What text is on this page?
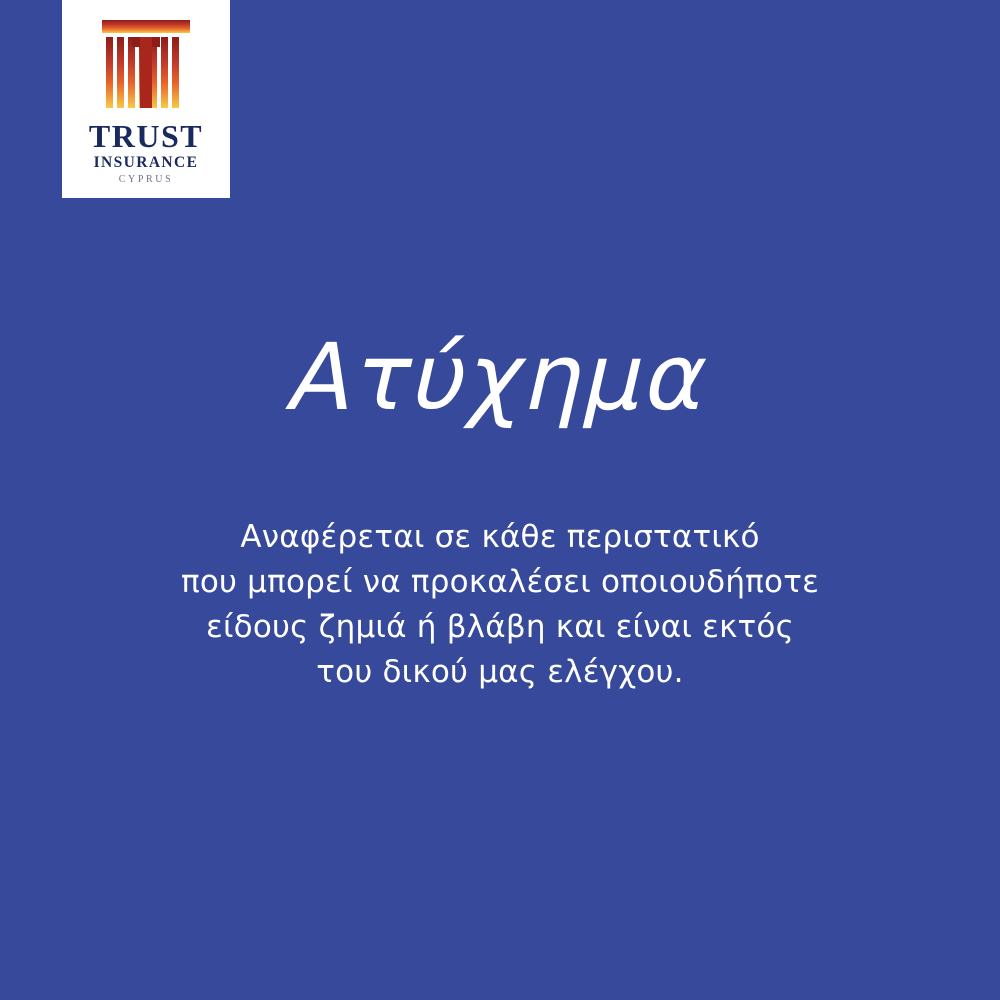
TRUST
INSURANCE
CYPRUS
Ατύχημα
Αναφέρεται σε κάθε περιστατικό
που μπορεί να προκαλέσει οποιουδήποτε
είδους ζημιά ή βλάβη και είναι εκτός
του δικού μας ελέγχου.
